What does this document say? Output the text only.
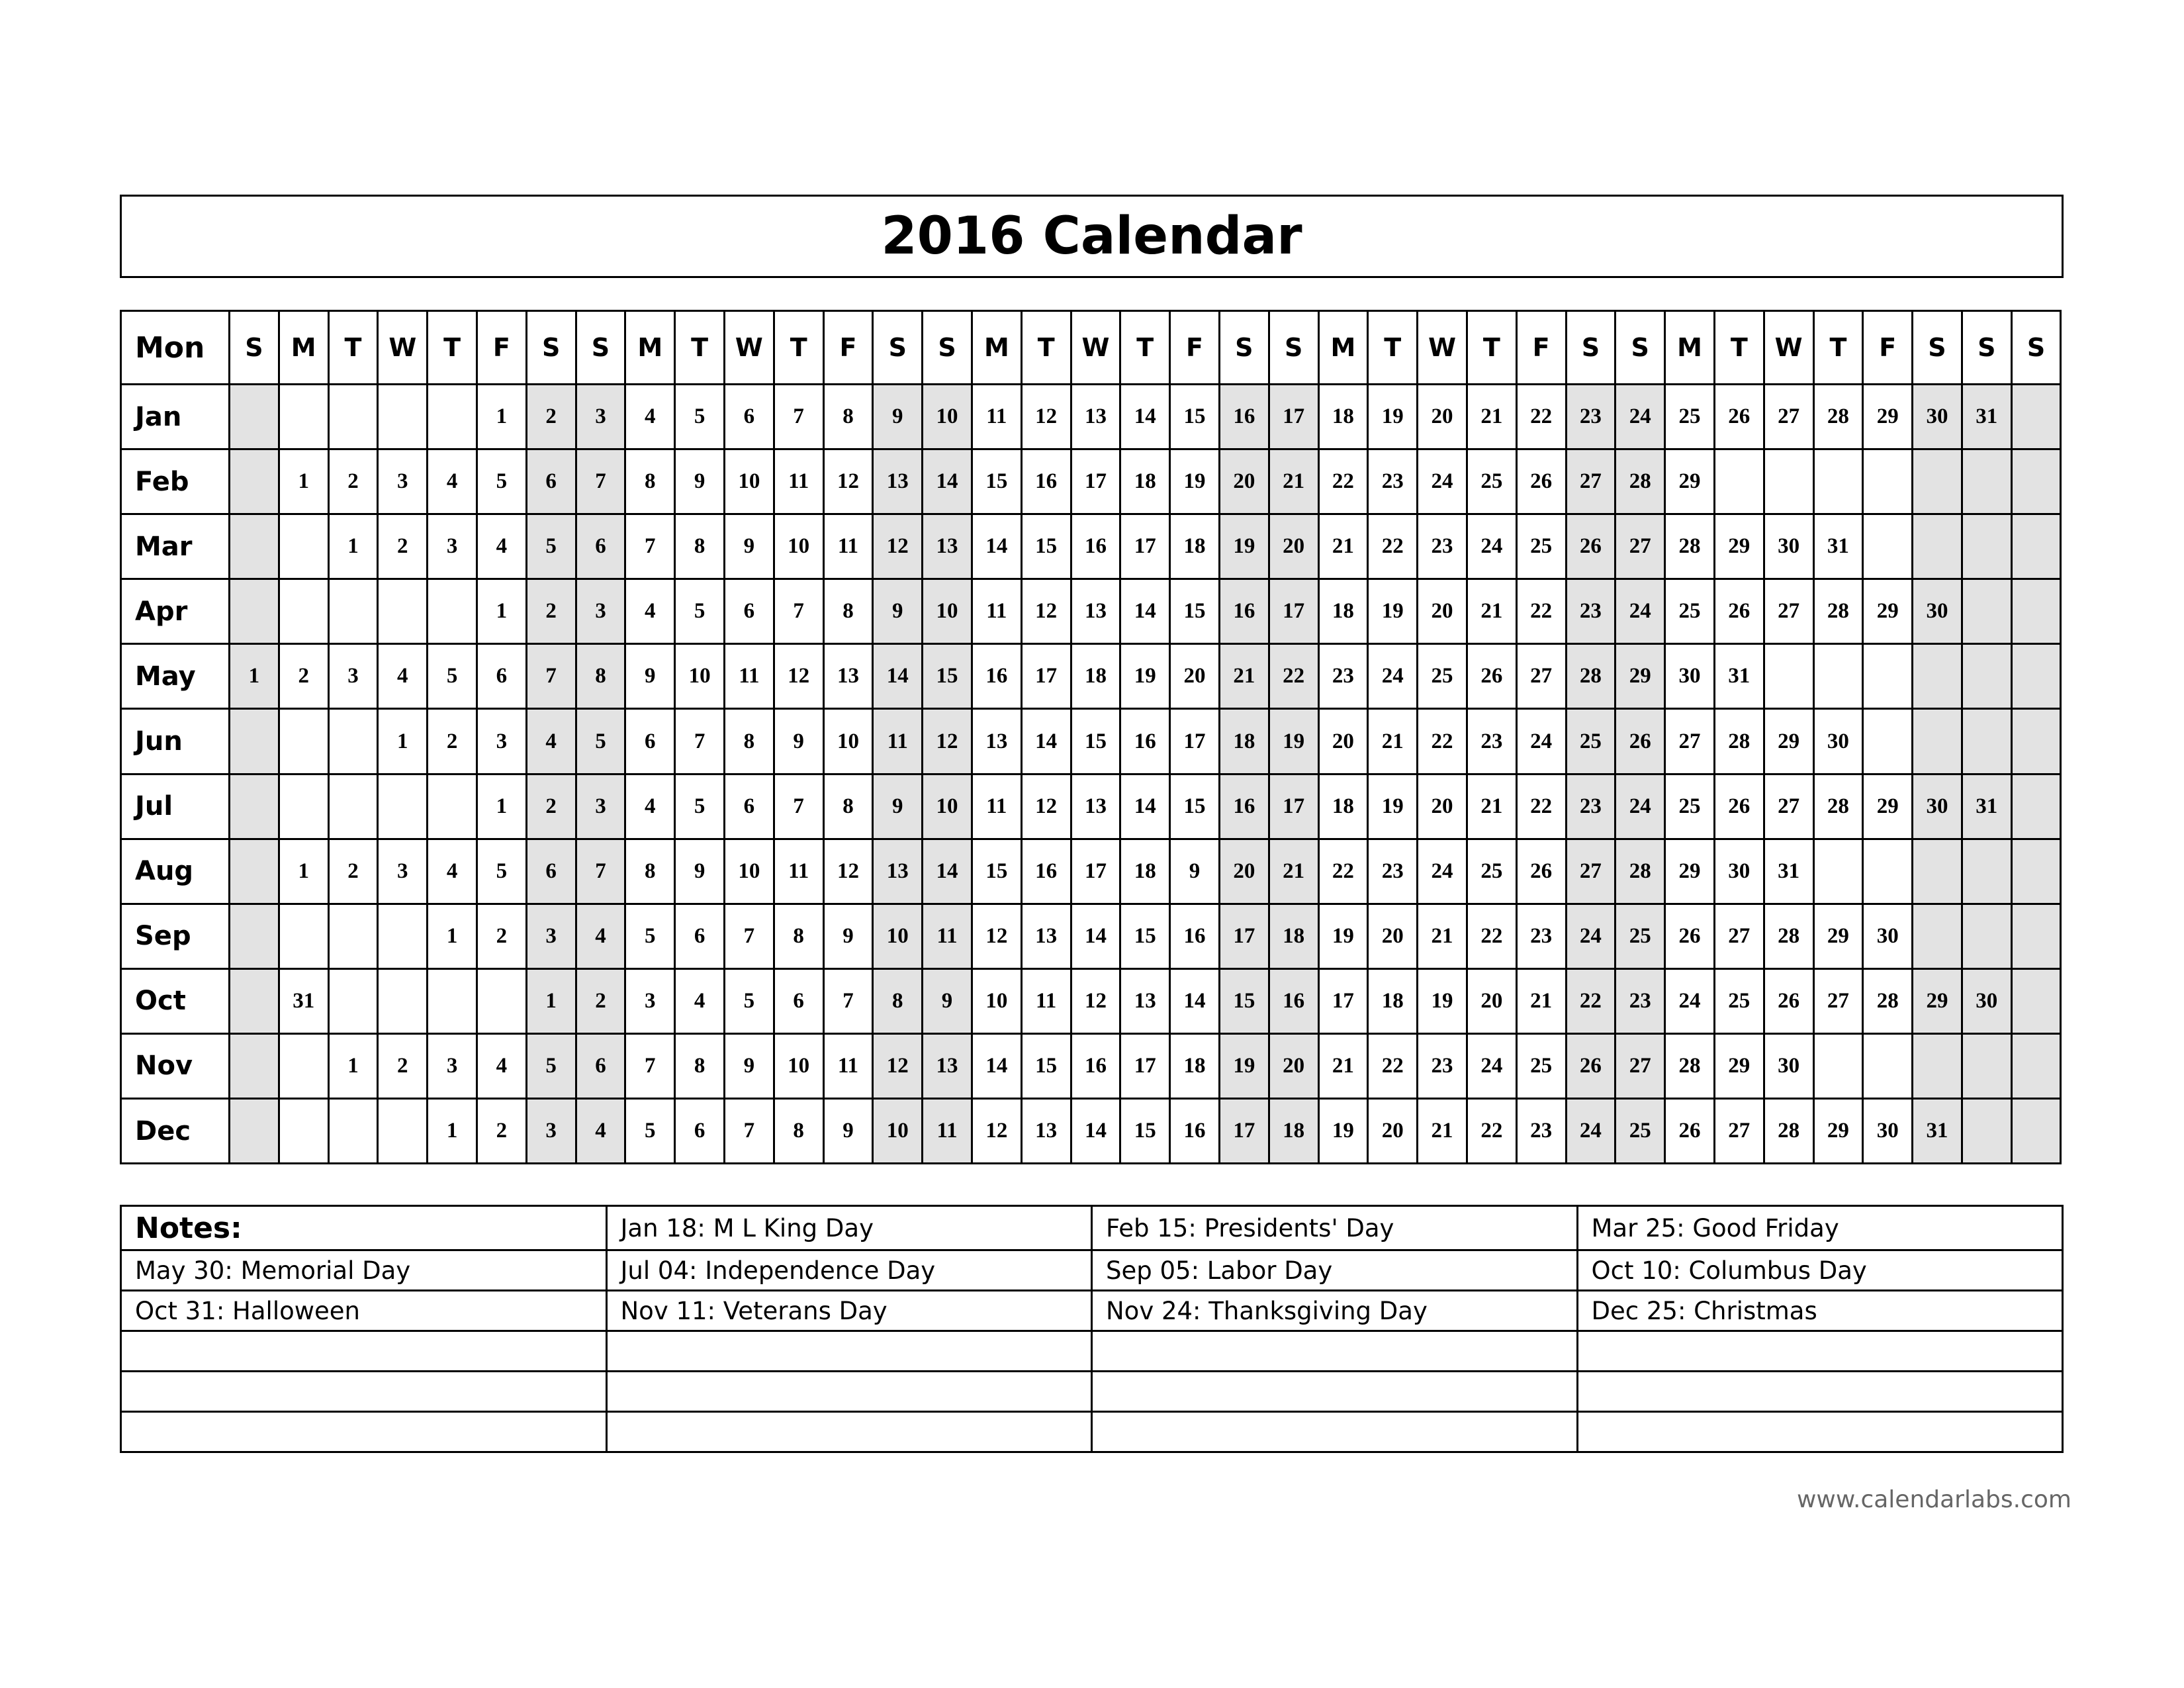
2016 Calendar
Mon	S	M	T	W	T	F	S	S	M	T	W	T	F	S	S	M	T	W	T	F	S	S	M	T	W	T	F	S	S	M	T	W	T	F	S	S	S
Jan						1	2	3	4	5	6	7	8	9	10	11	12	13	14	15	16	17	18	19	20	21	22	23	24	25	26	27	28	29	30	31	
Feb		1	2	3	4	5	6	7	8	9	10	11	12	13	14	15	16	17	18	19	20	21	22	23	24	25	26	27	28	29							
Mar			1	2	3	4	5	6	7	8	9	10	11	12	13	14	15	16	17	18	19	20	21	22	23	24	25	26	27	28	29	30	31				
Apr						1	2	3	4	5	6	7	8	9	10	11	12	13	14	15	16	17	18	19	20	21	22	23	24	25	26	27	28	29	30		
May	1	2	3	4	5	6	7	8	9	10	11	12	13	14	15	16	17	18	19	20	21	22	23	24	25	26	27	28	29	30	31						
Jun				1	2	3	4	5	6	7	8	9	10	11	12	13	14	15	16	17	18	19	20	21	22	23	24	25	26	27	28	29	30				
Jul						1	2	3	4	5	6	7	8	9	10	11	12	13	14	15	16	17	18	19	20	21	22	23	24	25	26	27	28	29	30	31	
Aug		1	2	3	4	5	6	7	8	9	10	11	12	13	14	15	16	17	18	9	20	21	22	23	24	25	26	27	28	29	30	31					
Sep					1	2	3	4	5	6	7	8	9	10	11	12	13	14	15	16	17	18	19	20	21	22	23	24	25	26	27	28	29	30			
Oct		31					1	2	3	4	5	6	7	8	9	10	11	12	13	14	15	16	17	18	19	20	21	22	23	24	25	26	27	28	29	30	
Nov			1	2	3	4	5	6	7	8	9	10	11	12	13	14	15	16	17	18	19	20	21	22	23	24	25	26	27	28	29	30					
Dec					1	2	3	4	5	6	7	8	9	10	11	12	13	14	15	16	17	18	19	20	21	22	23	24	25	26	27	28	29	30	31		
Notes:	Jan 18: M L King Day	Feb 15: Presidents' Day	Mar 25: Good Friday
May 30: Memorial Day	Jul 04: Independence Day	Sep 05: Labor Day	Oct 10: Columbus Day
Oct 31: Halloween	Nov 11: Veterans Day	Nov 24: Thanksgiving Day	Dec 25: Christmas

www.calendarlabs.com
